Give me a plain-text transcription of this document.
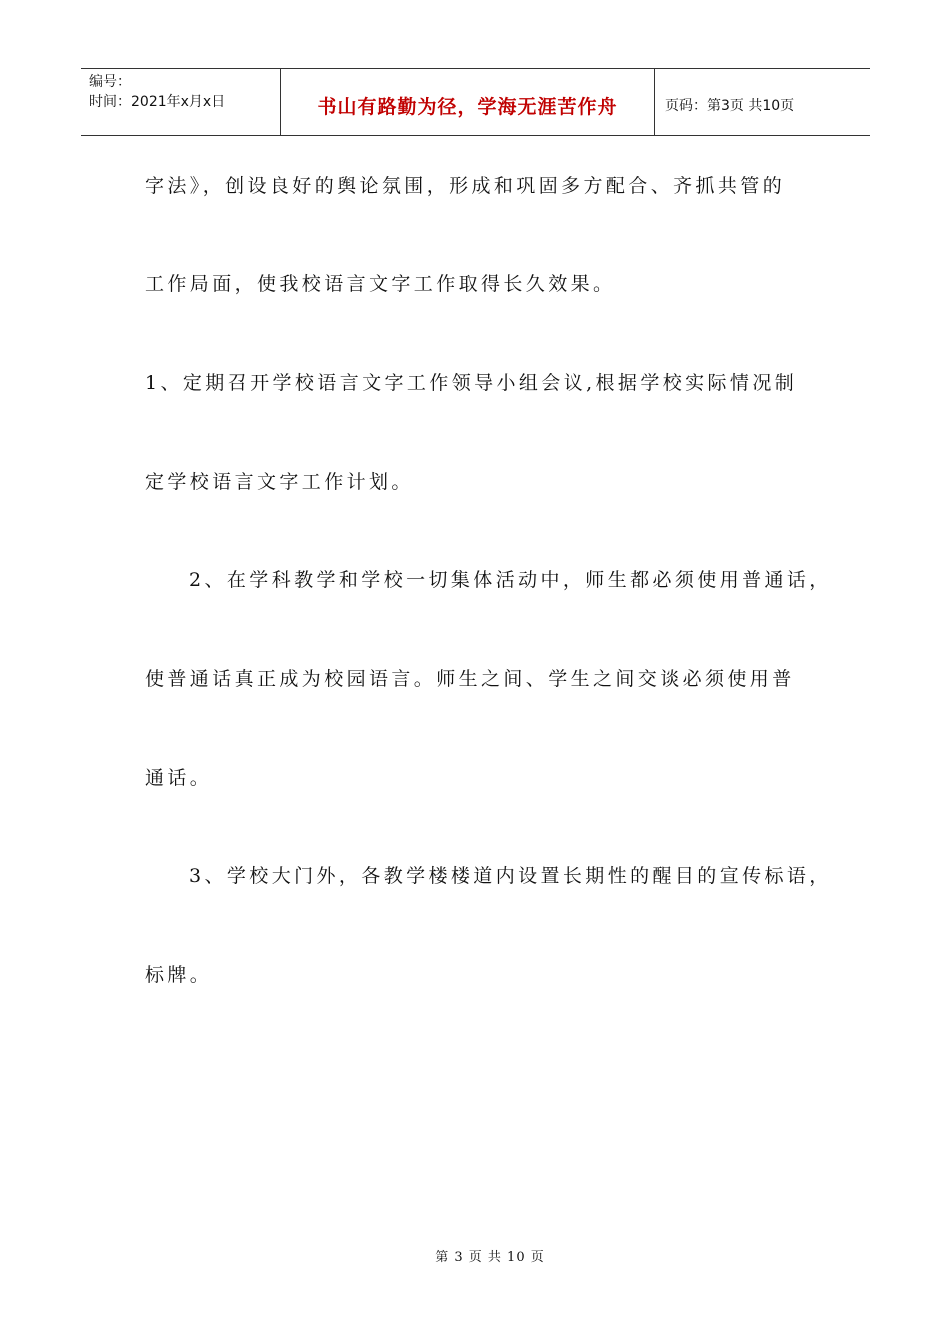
编号：
时间：2021年x月x日	书山有路勤为径，学海无涯苦作舟	页码：第3页 共10页
字法》，创设良好的舆论氛围，形成和巩固多方配合、齐抓共管的
工作局面，使我校语言文字工作取得长久效果。
1、定期召开学校语言文字工作领导小组会议,根据学校实际情况制
定学校语言文字工作计划。
2、在学科教学和学校一切集体活动中，师生都必须使用普通话，
使普通话真正成为校园语言。师生之间、学生之间交谈必须使用普
通话。
3、学校大门外，各教学楼楼道内设置长期性的醒目的宣传标语，
标牌。
第 3 页 共 10 页
